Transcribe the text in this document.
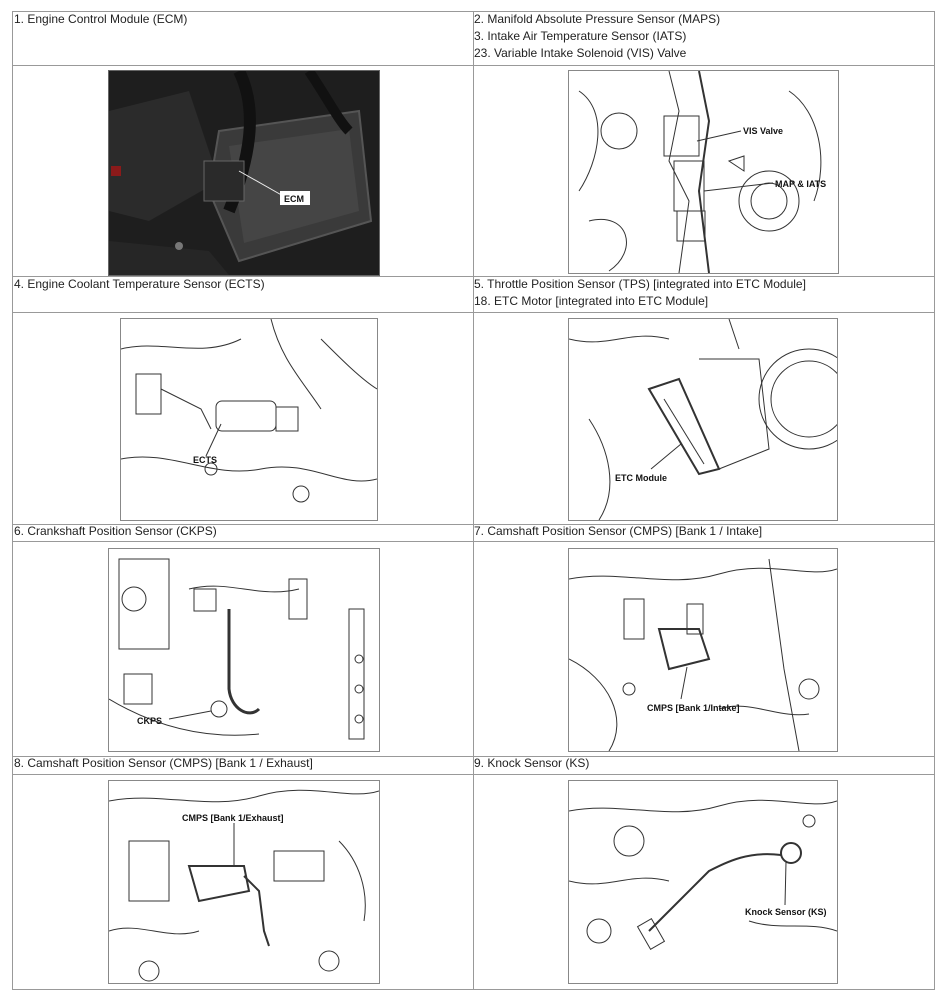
1. Engine Control Module (ECM)	2. Manifold Absolute Pressure Sensor (MAPS)
3. Intake Air Temperature Sensor (IATS)
23. Variable Intake Solenoid (VIS) Valve
ECM
VIS Valve
MAP & IATS
4. Engine Coolant Temperature Sensor (ECTS)	5. Throttle Position Sensor (TPS) [integrated into ETC Module]
18. ETC Motor [integrated into ETC Module]
ECTS
ETC Module
6. Crankshaft Position Sensor (CKPS)	7. Camshaft Position Sensor (CMPS) [Bank 1 / Intake]
CKPS
CMPS [Bank 1/Intake]
8. Camshaft Position Sensor (CMPS) [Bank 1 / Exhaust]	9. Knock Sensor (KS)
CMPS [Bank 1/Exhaust]
Knock Sensor (KS)
